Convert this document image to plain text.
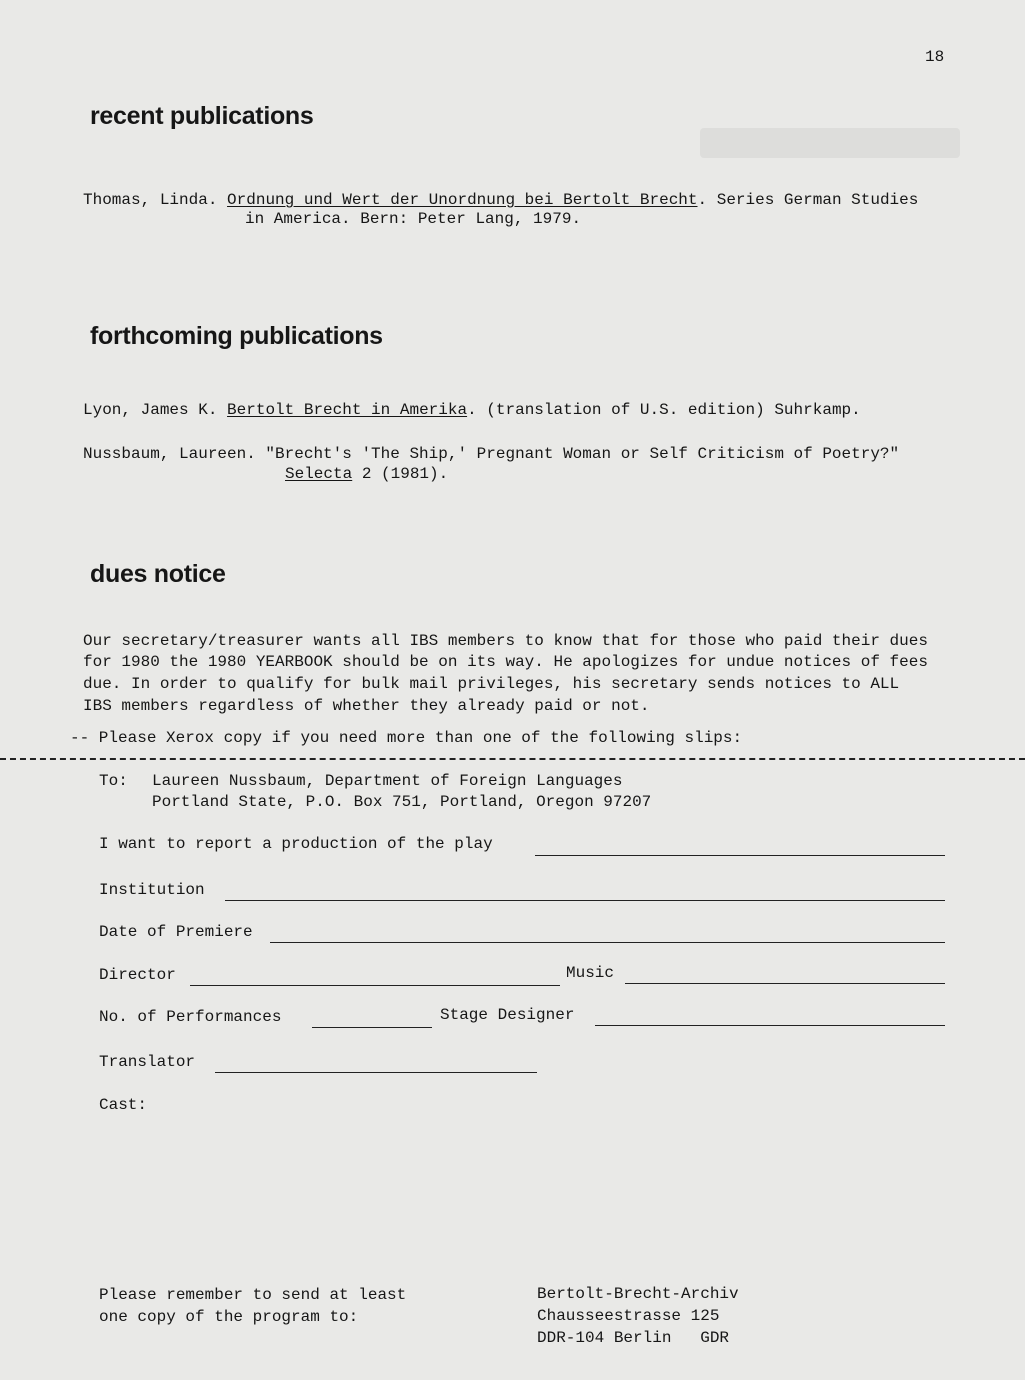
18
recent publications
Thomas, Linda. Ordnung und Wert der Unordnung bei Bertolt Brecht. Series German Studies
in America. Bern: Peter Lang, 1979.
forthcoming publications
Lyon, James K. Bertolt Brecht in Amerika. (translation of U.S. edition) Suhrkamp.
Nussbaum, Laureen. "Brecht's 'The Ship,' Pregnant Woman or Self Criticism of Poetry?"
Selecta 2 (1981).
dues notice
Our secretary/treasurer wants all IBS members to know that for those who paid their dues
for 1980 the 1980 YEARBOOK should be on its way. He apologizes for undue notices of fees
due. In order to qualify for bulk mail privileges, his secretary sends notices to ALL
IBS members regardless of whether they already paid or not.
-- Please Xerox copy if you need more than one of the following slips:
To: Laureen Nussbaum, Department of Foreign Languages
Portland State, P.O. Box 751, Portland, Oregon 97207
I want to report a production of the play
Institution
Date of Premiere
Director	Music
No. of Performances	Stage Designer
Translator
Cast:
Please remember to send at least
one copy of the program to:
Bertolt-Brecht-Archiv
Chausseestrasse 125
DDR-104 Berlin   GDR
